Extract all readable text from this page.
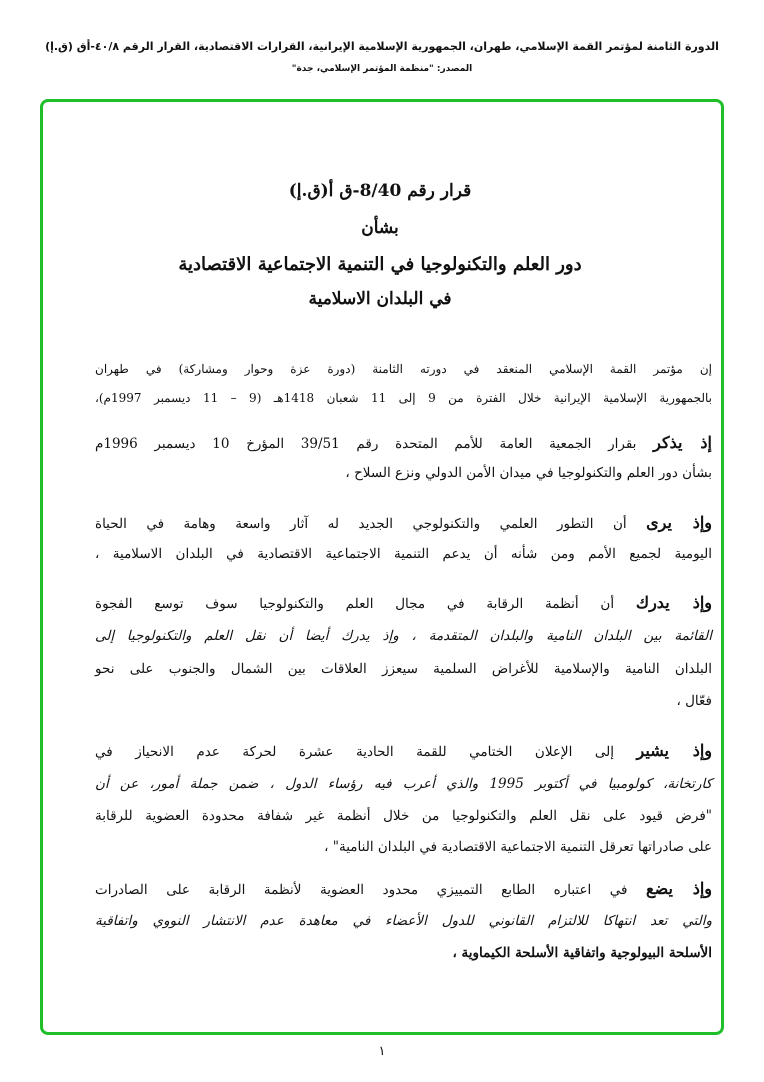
الدورة الثامنة لمؤتمر القمة الإسلامي، طهران، الجمهورية الإسلامية الإيرانية، القرارات الاقتصادية، القرار الرقم ٤٠/٨-أق (ق.إ)
المصدر: "منظمة المؤتمر الإسلامي، جدة"
قرار رقم 8/40-ق أ(ق.إ)
بشأن
دور العلم والتكنولوجيا في التنمية الاجتماعية الاقتصادية
في البلدان الاسلامية
إن مؤتمر القمة الإسلامي المنعقد في دورته الثامنة (دورة عزة وحوار ومشاركة) في طهران
بالجمهورية الإسلامية الإيرانية خلال الفترة من 9 إلى 11 شعبان 1418هـ (9 – 11 ديسمبر 1997م)،
إذ يذكر بقرار الجمعية العامة للأمم المتحدة رقم 39/51 المؤرخ 10 ديسمبر 1996م
بشأن دور العلم والتكنولوجيا في ميدان الأمن الدولي ونزع السلاح ،
وإذ يرى أن التطور العلمي والتكنولوجي الجديد له آثار واسعة وهامة في الحياة
اليومية لجميع الأمم ومن شأنه أن يدعم التنمية الاجتماعية الاقتصادية في البلدان الاسلامية ،
وإذ يدرك أن أنظمة الرقابة في مجال العلم والتكنولوجيا سوف توسع الفجوة
القائمة بين البلدان النامية والبلدان المتقدمة ، وإذ يدرك أيضا أن نقل العلم والتكنولوجيا إلى
البلدان النامية والإسلامية للأغراض السلمية سيعزز العلاقات بين الشمال والجنوب على نحو
فعّال ،
وإذ يشير إلى الإعلان الختامي للقمة الحادية عشرة لحركة عدم الانحياز في
كارتخانة، كولومبيا في أكتوبر 1995 والذي أعرب فيه رؤساء الدول ، ضمن جملة أمور، عن أن
"فرض قيود على نقل العلم والتكنولوجيا من خلال أنظمة غير شفافة محدودة العضوية للرقابة
على صادراتها تعرقل التنمية الاجتماعية الاقتصادية في البلدان النامية" ،
وإذ يضع في اعتباره الطابع التمييزي محدود العضوية لأنظمة الرقابة على الصادرات
والتي تعد انتهاكا للالتزام القانوني للدول الأعضاء في معاهدة عدم الانتشار النووي واتفاقية
الأسلحة البيولوجية واتفاقية الأسلحة الكيماوية ،
١
